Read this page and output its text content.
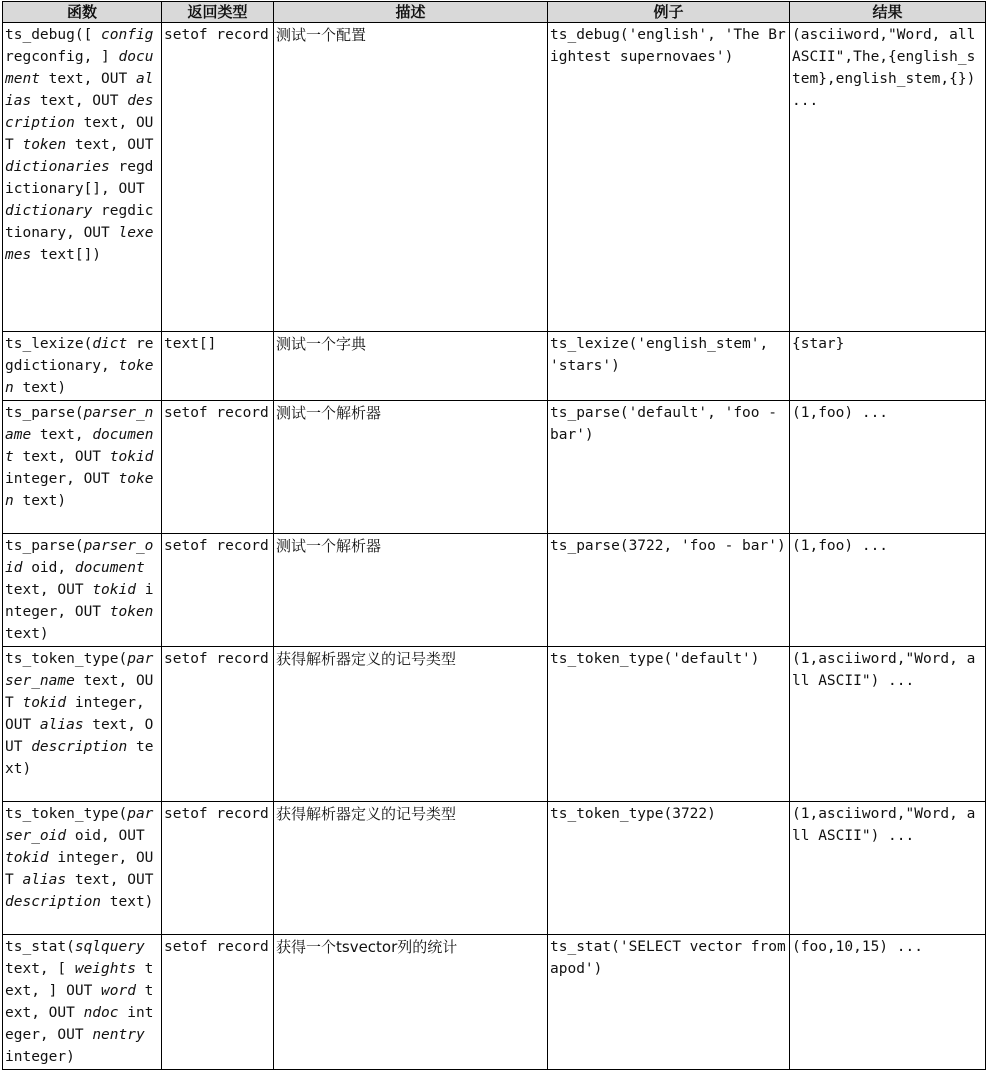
函数	返回类型	描述	例子	结果
ts_debug([ config regconfig, ] document text, OUT alias text, OUT description text, OUT token text, OUT dictionaries regdictionary[], OUT dictionary regdictionary, OUT lexemes text[])	setof record	测试一个配置	ts_debug('english', 'The Brightest supernovaes')	(asciiword,"Word, all ASCII",The,{english_stem},english_stem,{}) ...
ts_lexize(dict regdictionary, token text)	text[]	测试一个字典	ts_lexize('english_stem', 'stars')	{star}
ts_parse(parser_name text, document text, OUT tokid integer, OUT token text)	setof record	测试一个解析器	ts_parse('default', 'foo - bar')	(1,foo) ...
ts_parse(parser_oid oid, document text, OUT tokid integer, OUT token text)	setof record	测试一个解析器	ts_parse(3722, 'foo - bar')	(1,foo) ...
ts_token_type(parser_name text, OUT tokid integer, OUT alias text, OUT description text)	setof record	获得解析器定义的记号类型	ts_token_type('default')	(1,asciiword,"Word, all ASCII") ...
ts_token_type(parser_oid oid, OUT tokid integer, OUT alias text, OUT description text)	setof record	获得解析器定义的记号类型	ts_token_type(3722)	(1,asciiword,"Word, all ASCII") ...
ts_stat(sqlquery text, [ weights text, ] OUT word text, OUT ndoc integer, OUT nentry integer)	setof record	获得一个tsvector列的统计	ts_stat('SELECT vector from apod')	(foo,10,15) ...
